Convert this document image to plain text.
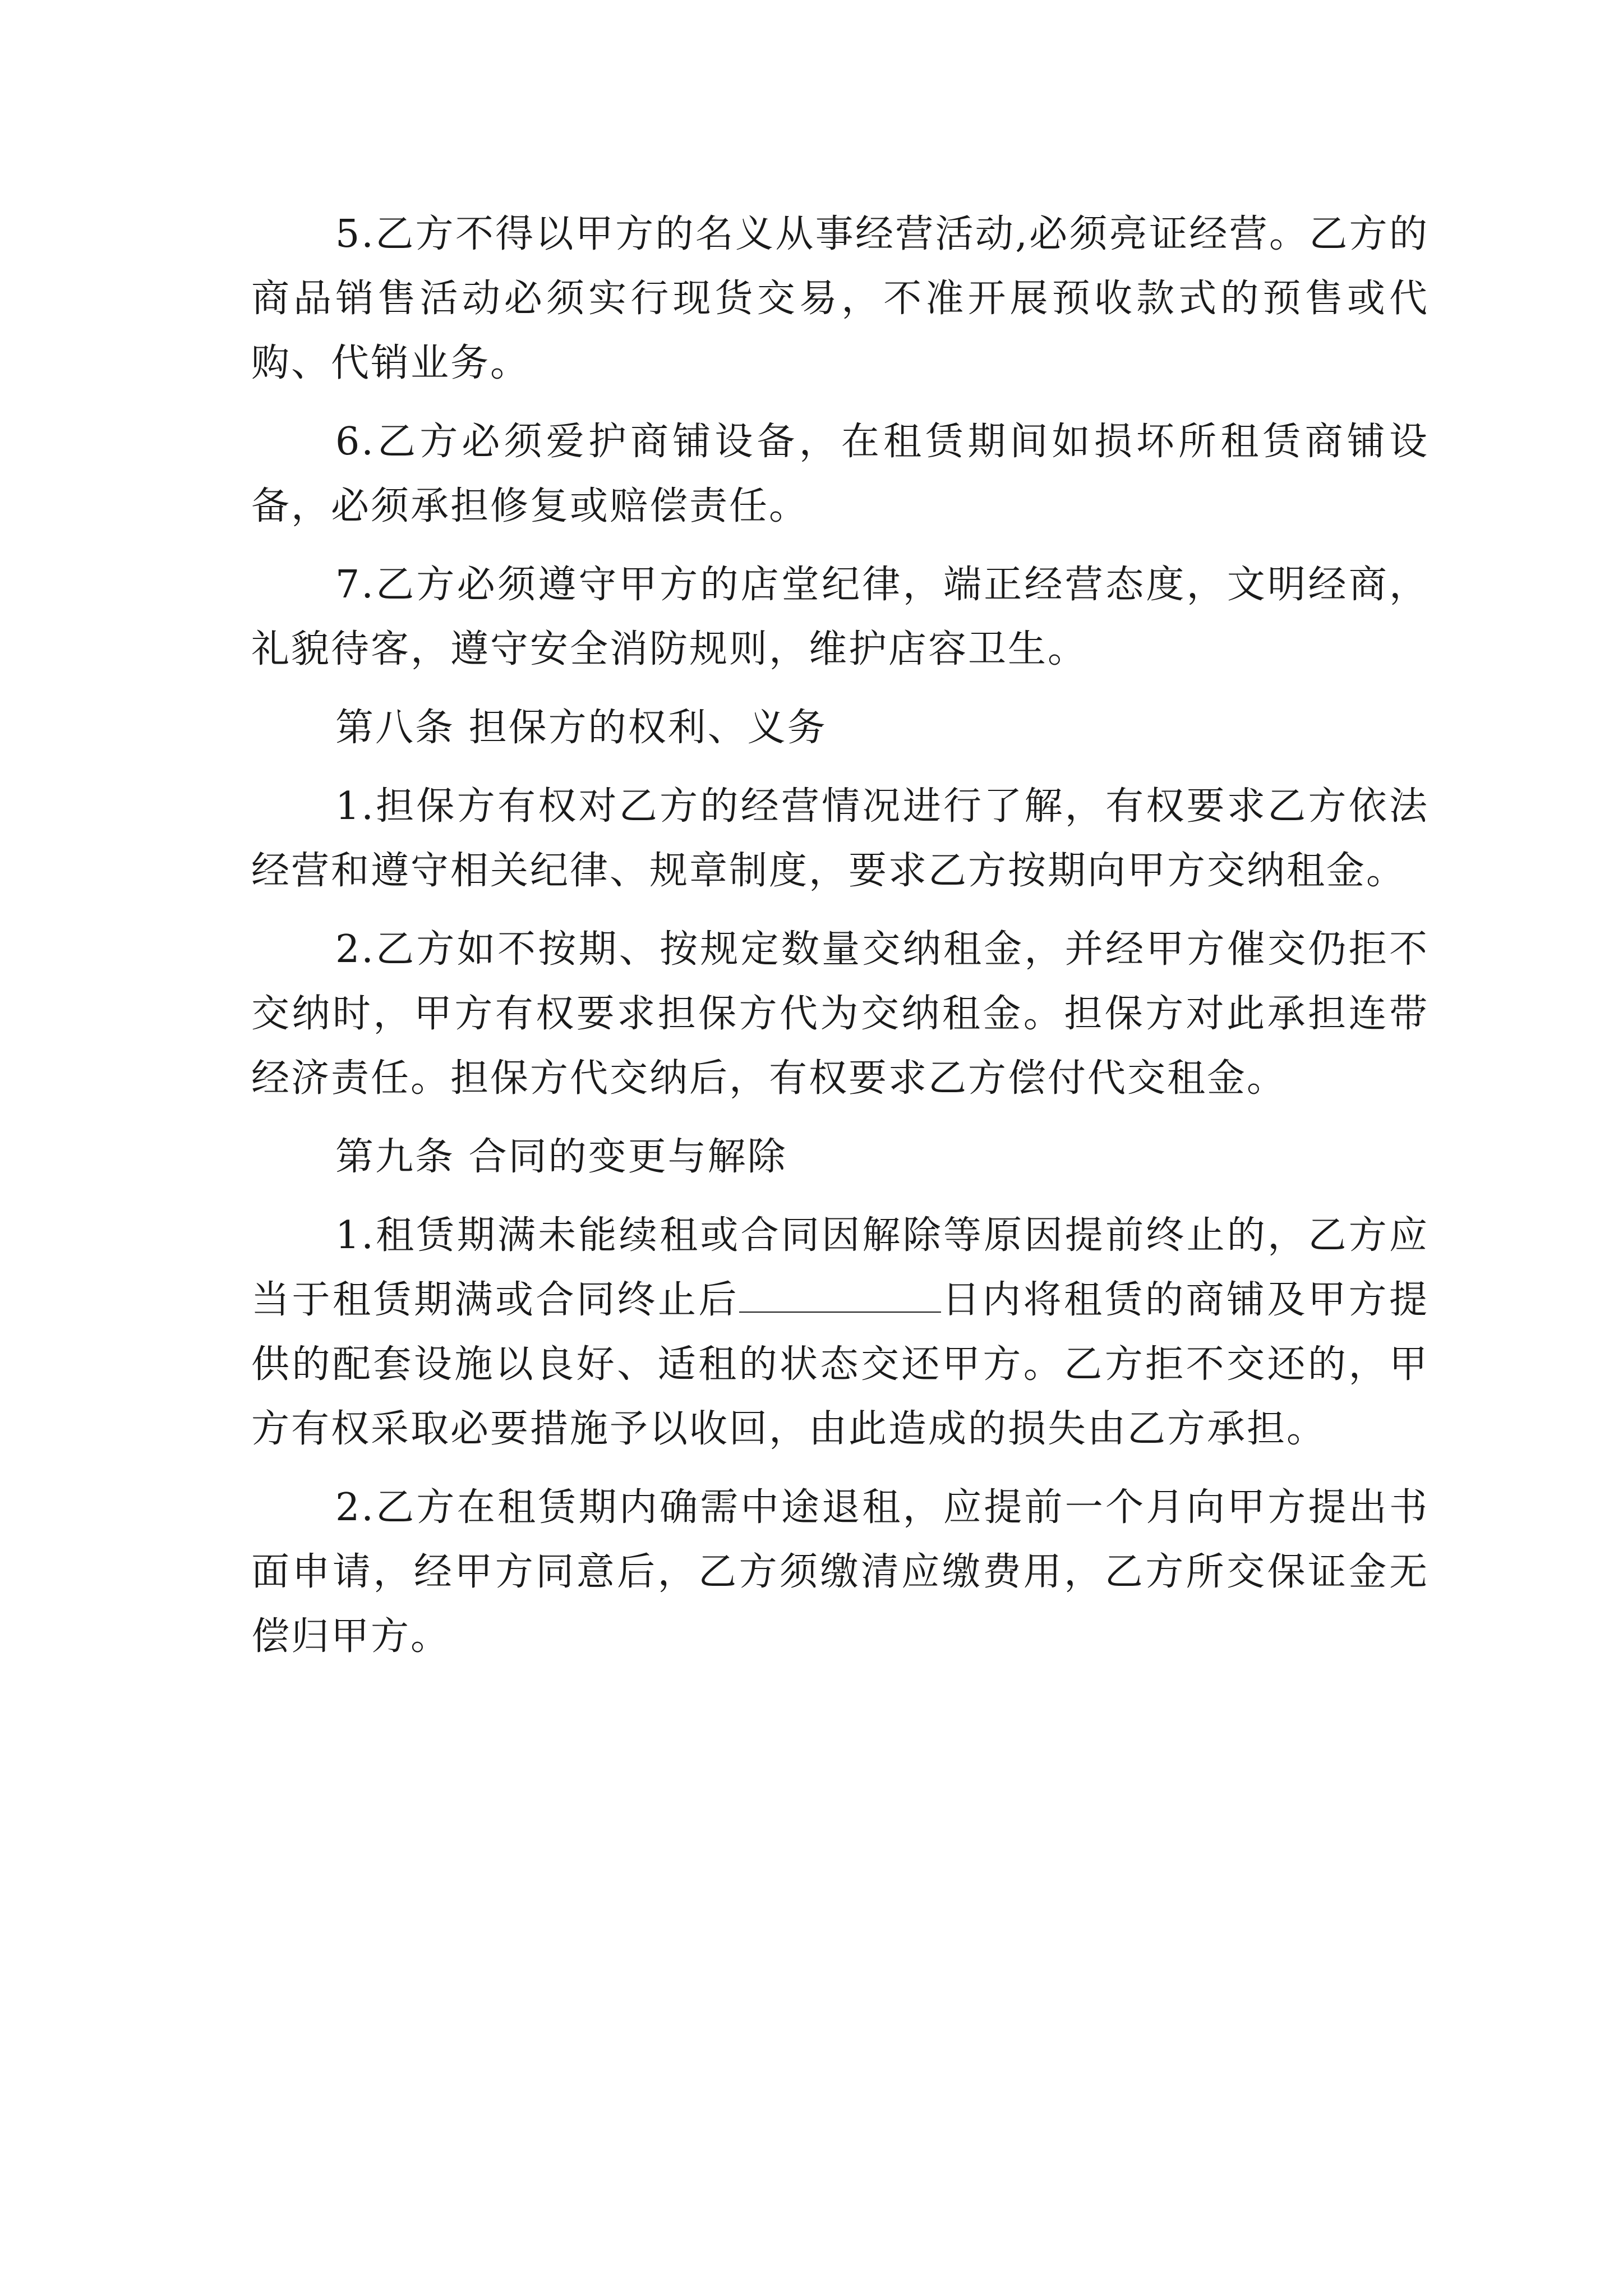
5.乙方不得以甲方的名义从事经营活动,必须亮证经营。乙方的商品销售活动必须实行现货交易，不准开展预收款式的预售或代购、代销业务。

6.乙方必须爱护商铺设备，在租赁期间如损坏所租赁商铺设备，必须承担修复或赔偿责任。

7.乙方必须遵守甲方的店堂纪律，端正经营态度，文明经商，礼貌待客，遵守安全消防规则，维护店容卫生。

第八条 担保方的权利、义务

1.担保方有权对乙方的经营情况进行了解，有权要求乙方依法经营和遵守相关纪律、规章制度，要求乙方按期向甲方交纳租金。

2.乙方如不按期、按规定数量交纳租金，并经甲方催交仍拒不交纳时，甲方有权要求担保方代为交纳租金。担保方对此承担连带经济责任。担保方代交纳后，有权要求乙方偿付代交租金。

第九条 合同的变更与解除

1.租赁期满未能续租或合同因解除等原因提前终止的，乙方应当于租赁期满或合同终止后	日内将租赁的商铺及甲方提供的配套设施以良好、适租的状态交还甲方。乙方拒不交还的，甲方有权采取必要措施予以收回，由此造成的损失由乙方承担。

2.乙方在租赁期内确需中途退租，应提前一个月向甲方提出书面申请，经甲方同意后，乙方须缴清应缴费用，乙方所交保证金无偿归甲方。
